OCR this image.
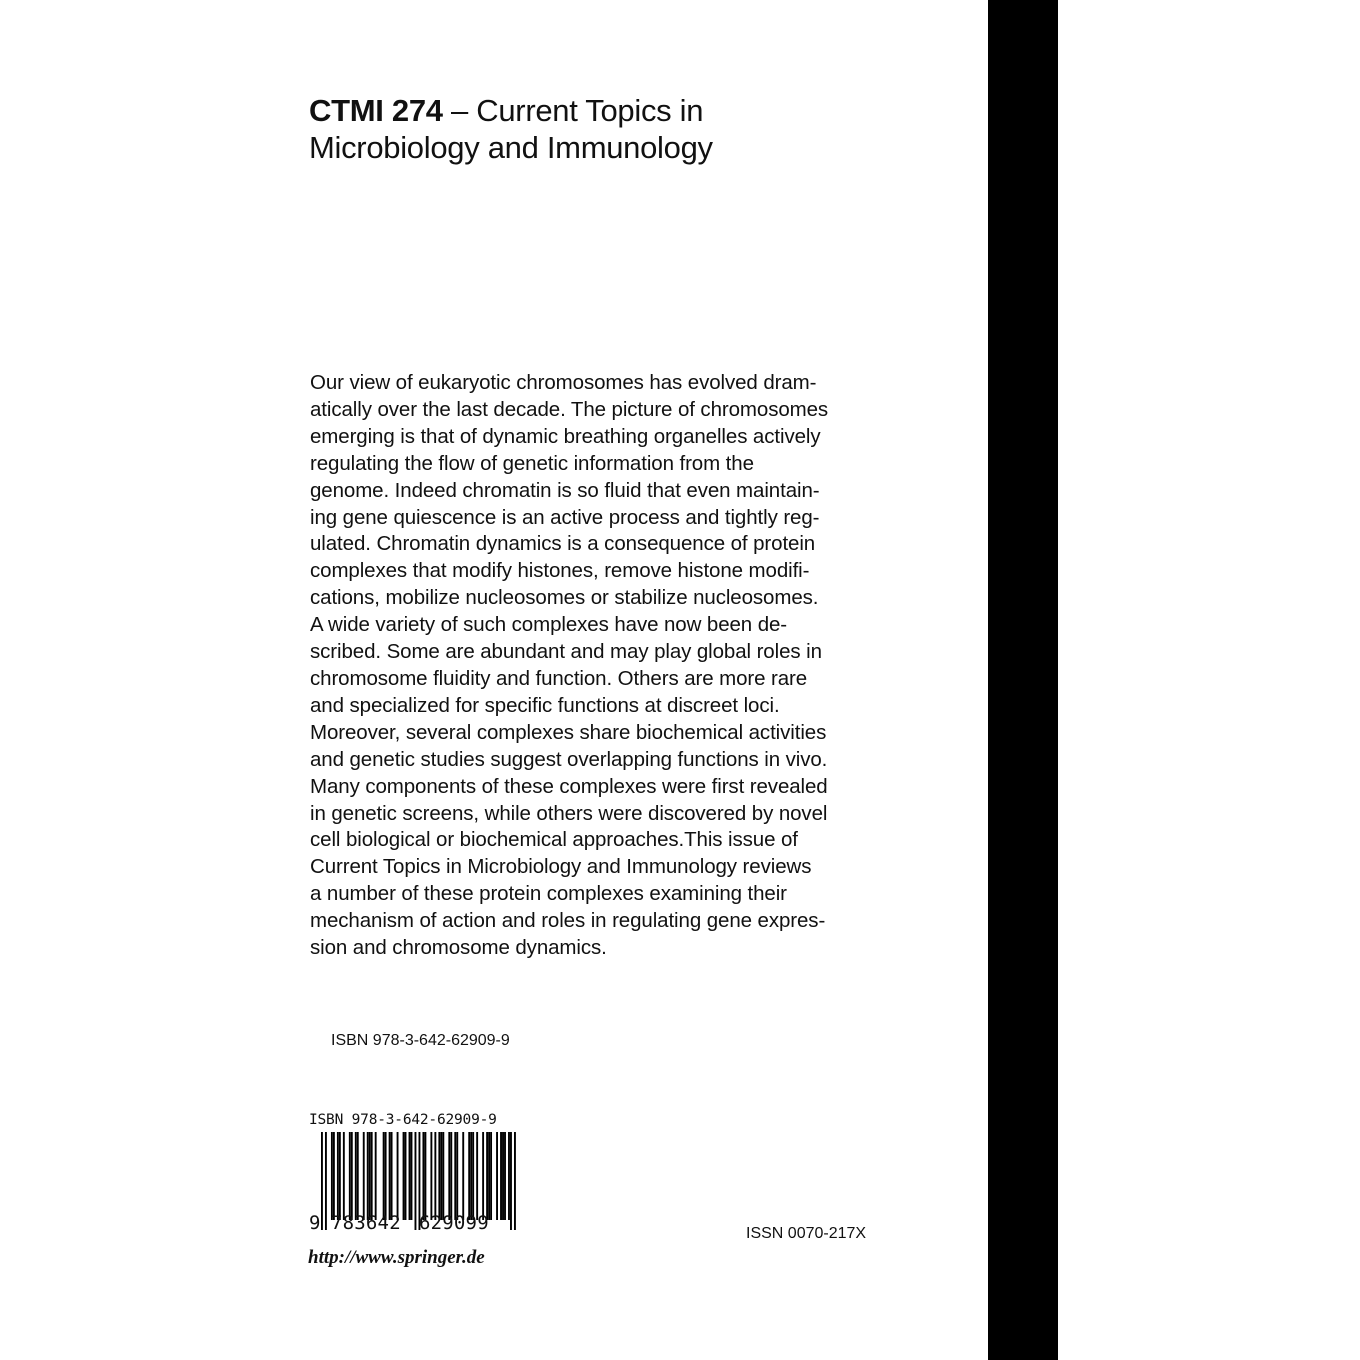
CTMI 274 – Current Topics in
Microbiology and Immunology
Our view of eukaryotic chromosomes has evolved dram-
atically over the last decade. The picture of chromosomes
emerging is that of dynamic breathing organelles actively
regulating the flow of genetic information from the
genome. Indeed chromatin is so fluid that even maintain-
ing gene quiescence is an active process and tightly reg-
ulated. Chromatin dynamics is a consequence of protein
complexes that modify histones, remove histone modifi-
cations, mobilize nucleosomes or stabilize nucleosomes.
A wide variety of such complexes have now been de-
scribed. Some are abundant and may play global roles in
chromosome fluidity and function. Others are more rare
and specialized for specific functions at discreet loci.
Moreover, several complexes share biochemical activities
and genetic studies suggest overlapping functions in vivo.
Many components of these complexes were first revealed
in genetic screens, while others were discovered by novel
cell biological or biochemical approaches.This issue of
Current Topics in Microbiology and Immunology reviews
a number of these protein complexes examining their
mechanism of action and roles in regulating gene expres-
sion and chromosome dynamics.
ISBN 978-3-642-62909-9
ISBN 978-3-642-62909-9
9 783642 629099
http://www.springer.de
ISSN 0070-217X
